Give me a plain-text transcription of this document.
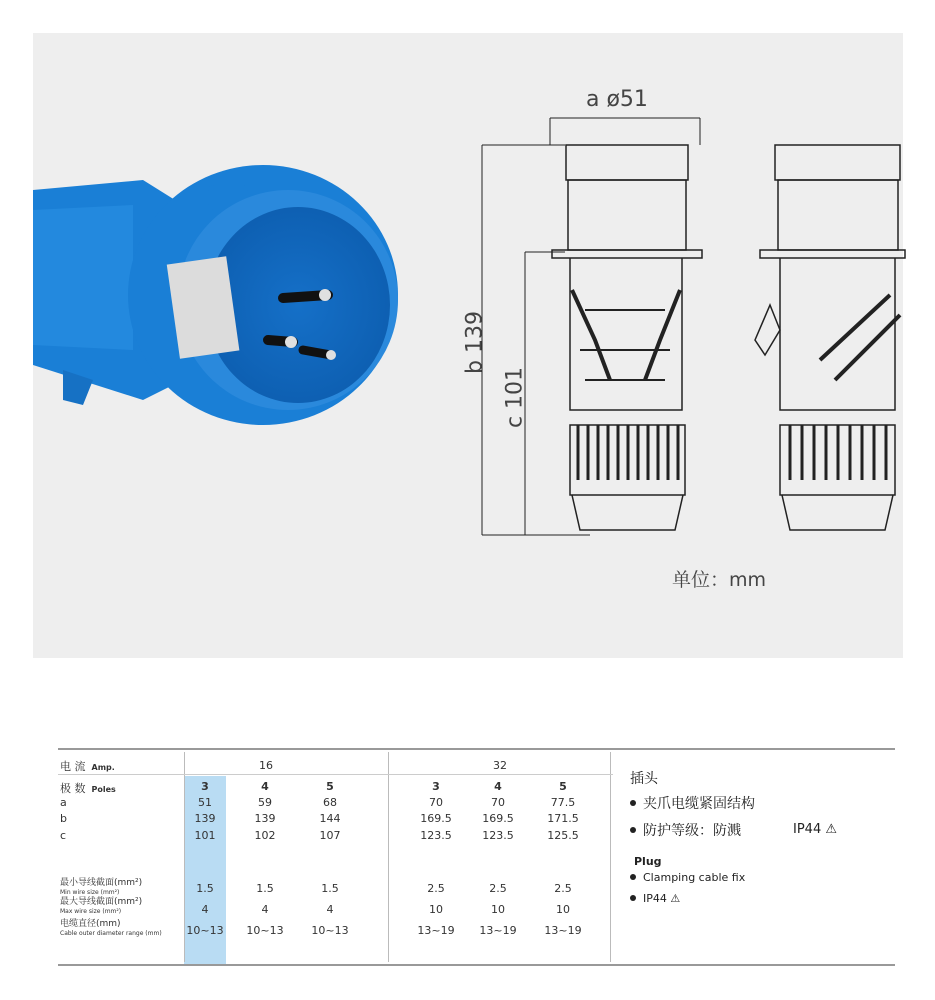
a ø51
b 139
c 101
单位：mm
电 流 Amp.	16	32
极 数 Poles	3	4	5	3	4	5
a	51	59	68	70	70	77.5
b	139	139	144	169.5	169.5	171.5
c	101	102	107	123.5	123.5	125.5
最小导线截面(mm²)
Min wire size (mm²)	1.5	1.5	1.5	2.5	2.5	2.5
最大导线截面(mm²)
Max wire size (mm²)	4	4	4	10	10	10
电缆直径(mm)
Cable outer diameter range (mm)	10~13	10~13	10~13	13~19	13~19	13~19
插头
夹爪电缆紧固结构
防护等级：防溅	IP44 ⚠
Plug
Clamping cable fix
IP44 ⚠
